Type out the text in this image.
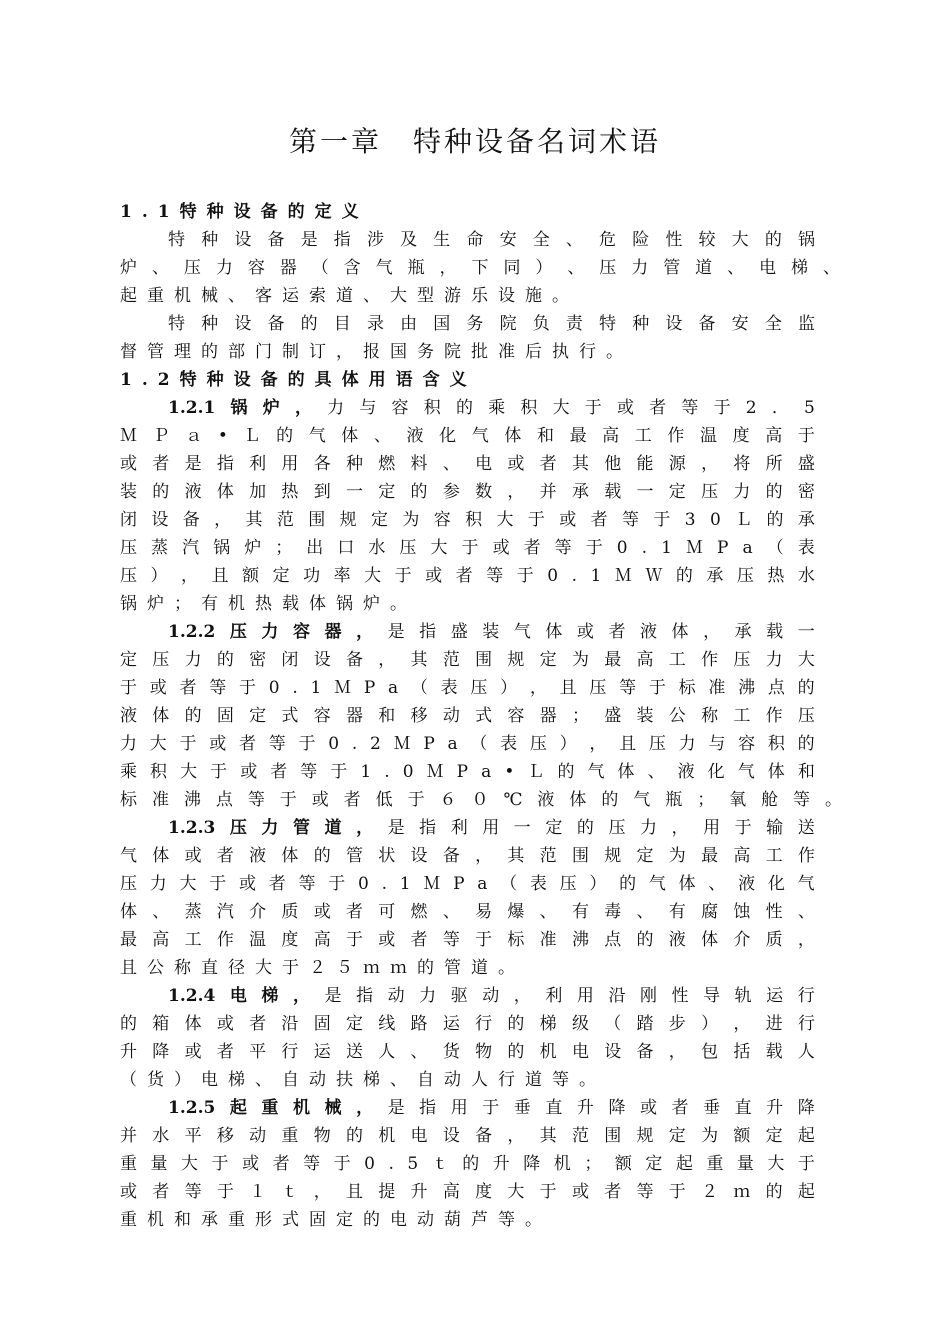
第一章　特种设备名词术语
1.1特种设备的定义
特 种 设 备 是 指 涉 及 生 命 安 全 、 危 险 性 较 大 的 锅
炉 、 压 力 容 器 （ 含 气 瓶 ， 下 同 ） 、 压 力 管 道 、 电 梯 、
起重机械、客运索道、大型游乐设施。
特 种 设 备 的 目 录 由 国 务 院 负 责 特 种 设 备 安 全 监
督管理的部门制订，报国务院批准后执行。
1.2特种设备的具体用语含义
1.2.1 锅 炉 ， 力 与 容 积 的 乘 积 大 于 或 者 等 于 2 ． 5
Ｍ Ｐ ａ • Ｌ 的 气 体 、 液 化 气 体 和 最 高 工 作 温 度 高 于
或 者 是 指 利 用 各 种 燃 料 、 电 或 者 其 他 能 源 ， 将 所 盛
装 的 液 体 加 热 到 一 定 的 参 数 ， 并 承 载 一 定 压 力 的 密
闭 设 备 ， 其 范 围 规 定 为 容 积 大 于 或 者 等 于 3 0 Ｌ 的 承
压 蒸 汽 锅 炉 ； 出 口 水 压 大 于 或 者 等 于 0 . 1 Ｍ P a （ 表
压 ） ， 且 额 定 功 率 大 于 或 者 等 于 0 . 1 Ｍ Ｗ 的 承 压 热 水
锅炉；有机热载体锅炉。
1.2.2 压 力 容 器 ， 是 指 盛 装 气 体 或 者 液 体 ， 承 载 一
定 压 力 的 密 闭 设 备 ， 其 范 围 规 定 为 最 高 工 作 压 力 大
于 或 者 等 于 0 . 1 Ｍ P a （ 表 压 ） ， 且 压 等 于 标 准 沸 点 的
液 体 的 固 定 式 容 器 和 移 动 式 容 器 ； 盛 装 公 称 工 作 压
力 大 于 或 者 等 于 0 . 2 Ｍ P a （ 表 压 ） ， 且 压 力 与 容 积 的
乘 积 大 于 或 者 等 于 1 . 0 Ｍ P a • Ｌ 的 气 体 、 液 化 气 体 和
标 准 沸 点 等 于 或 者 低 于 ６ ０ ℃ 液 体 的 气 瓶 ； 氧 舱 等 。
1.2.3 压 力 管 道 ， 是 指 利 用 一 定 的 压 力 ， 用 于 输 送
气 体 或 者 液 体 的 管 状 设 备 ， 其 范 围 规 定 为 最 高 工 作
压 力 大 于 或 者 等 于 0 . 1 Ｍ P a （ 表 压 ） 的 气 体 、 液 化 气
体 、 蒸 汽 介 质 或 者 可 燃 、 易 爆 、 有 毒 、 有 腐 蚀 性 、
最 高 工 作 温 度 高 于 或 者 等 于 标 准 沸 点 的 液 体 介 质 ，
且公称直径大于２５ｍｍ的管道。
1.2.4 电 梯 ， 是 指 动 力 驱 动 ， 利 用 沿 刚 性 导 轨 运 行
的 箱 体 或 者 沿 固 定 线 路 运 行 的 梯 级 （ 踏 步 ） ， 进 行
升 降 或 者 平 行 运 送 人 、 货 物 的 机 电 设 备 ， 包 括 载 人
（货）电梯、自动扶梯、自动人行道等。
1.2.5 起 重 机 械 ， 是 指 用 于 垂 直 升 降 或 者 垂 直 升 降
并 水 平 移 动 重 物 的 机 电 设 备 ， 其 范 围 规 定 为 额 定 起
重 量 大 于 或 者 等 于 0 . 5 ｔ 的 升 降 机 ； 额 定 起 重 量 大 于
或 者 等 于 １ ｔ ， 且 提 升 高 度 大 于 或 者 等 于 ２ ｍ 的 起
重机和承重形式固定的电动葫芦等。
